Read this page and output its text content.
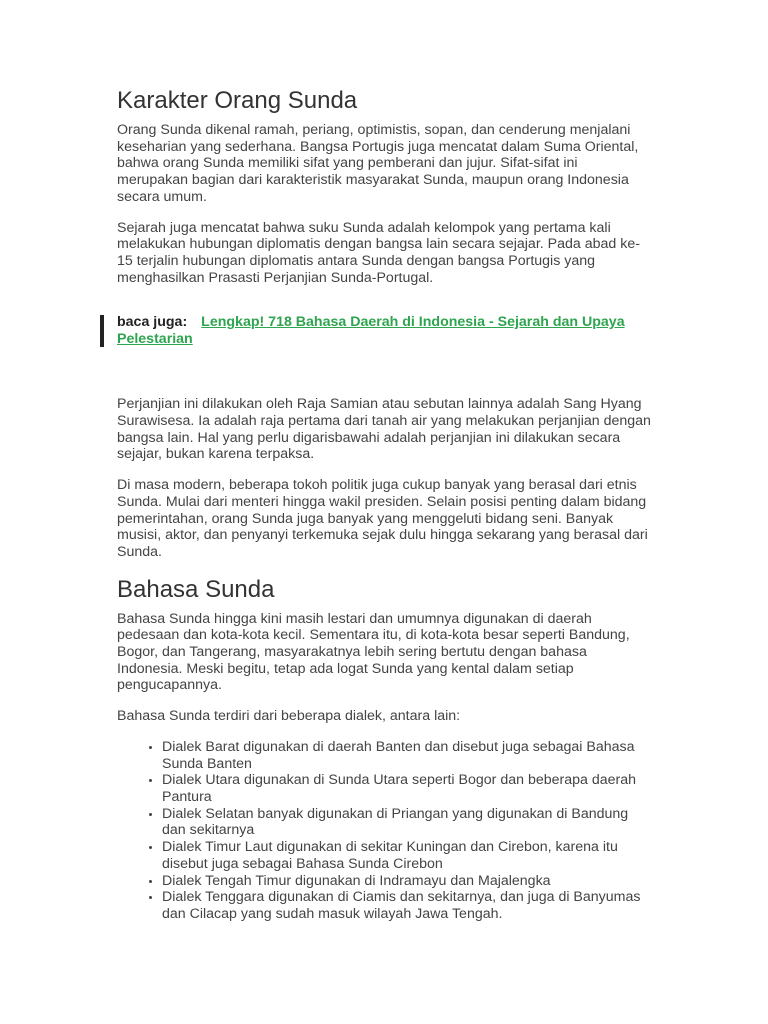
Karakter Orang Sunda

Orang Sunda dikenal ramah, periang, optimistis, sopan, dan cenderung menjalani keseharian yang sederhana. Bangsa Portugis juga mencatat dalam Suma Oriental, bahwa orang Sunda memiliki sifat yang pemberani dan jujur. Sifat-sifat ini merupakan bagian dari karakteristik masyarakat Sunda, maupun orang Indonesia secara umum.

Sejarah juga mencatat bahwa suku Sunda adalah kelompok yang pertama kali melakukan hubungan diplomatis dengan bangsa lain secara sejajar. Pada abad ke-15 terjalin hubungan diplomatis antara Sunda dengan bangsa Portugis yang menghasilkan Prasasti Perjanjian Sunda-Portugal.

baca juga: Lengkap! 718 Bahasa Daerah di Indonesia - Sejarah dan Upaya Pelestarian

Perjanjian ini dilakukan oleh Raja Samian atau sebutan lainnya adalah Sang Hyang Surawisesa. Ia adalah raja pertama dari tanah air yang melakukan perjanjian dengan bangsa lain. Hal yang perlu digarisbawahi adalah perjanjian ini dilakukan secara sejajar, bukan karena terpaksa.

Di masa modern, beberapa tokoh politik juga cukup banyak yang berasal dari etnis Sunda. Mulai dari menteri hingga wakil presiden. Selain posisi penting dalam bidang pemerintahan, orang Sunda juga banyak yang menggeluti bidang seni. Banyak musisi, aktor, dan penyanyi terkemuka sejak dulu hingga sekarang yang berasal dari Sunda.

Bahasa Sunda

Bahasa Sunda hingga kini masih lestari dan umumnya digunakan di daerah pedesaan dan kota-kota kecil. Sementara itu, di kota-kota besar seperti Bandung, Bogor, dan Tangerang, masyarakatnya lebih sering bertutu dengan bahasa Indonesia. Meski begitu, tetap ada logat Sunda yang kental dalam setiap pengucapannya.

Bahasa Sunda terdiri dari beberapa dialek, antara lain:

• Dialek Barat digunakan di daerah Banten dan disebut juga sebagai Bahasa Sunda Banten
• Dialek Utara digunakan di Sunda Utara seperti Bogor dan beberapa daerah Pantura
• Dialek Selatan banyak digunakan di Priangan yang digunakan di Bandung dan sekitarnya
• Dialek Timur Laut digunakan di sekitar Kuningan dan Cirebon, karena itu disebut juga sebagai Bahasa Sunda Cirebon
• Dialek Tengah Timur digunakan di Indramayu dan Majalengka
• Dialek Tenggara digunakan di Ciamis dan sekitarnya, dan juga di Banyumas dan Cilacap yang sudah masuk wilayah Jawa Tengah.
